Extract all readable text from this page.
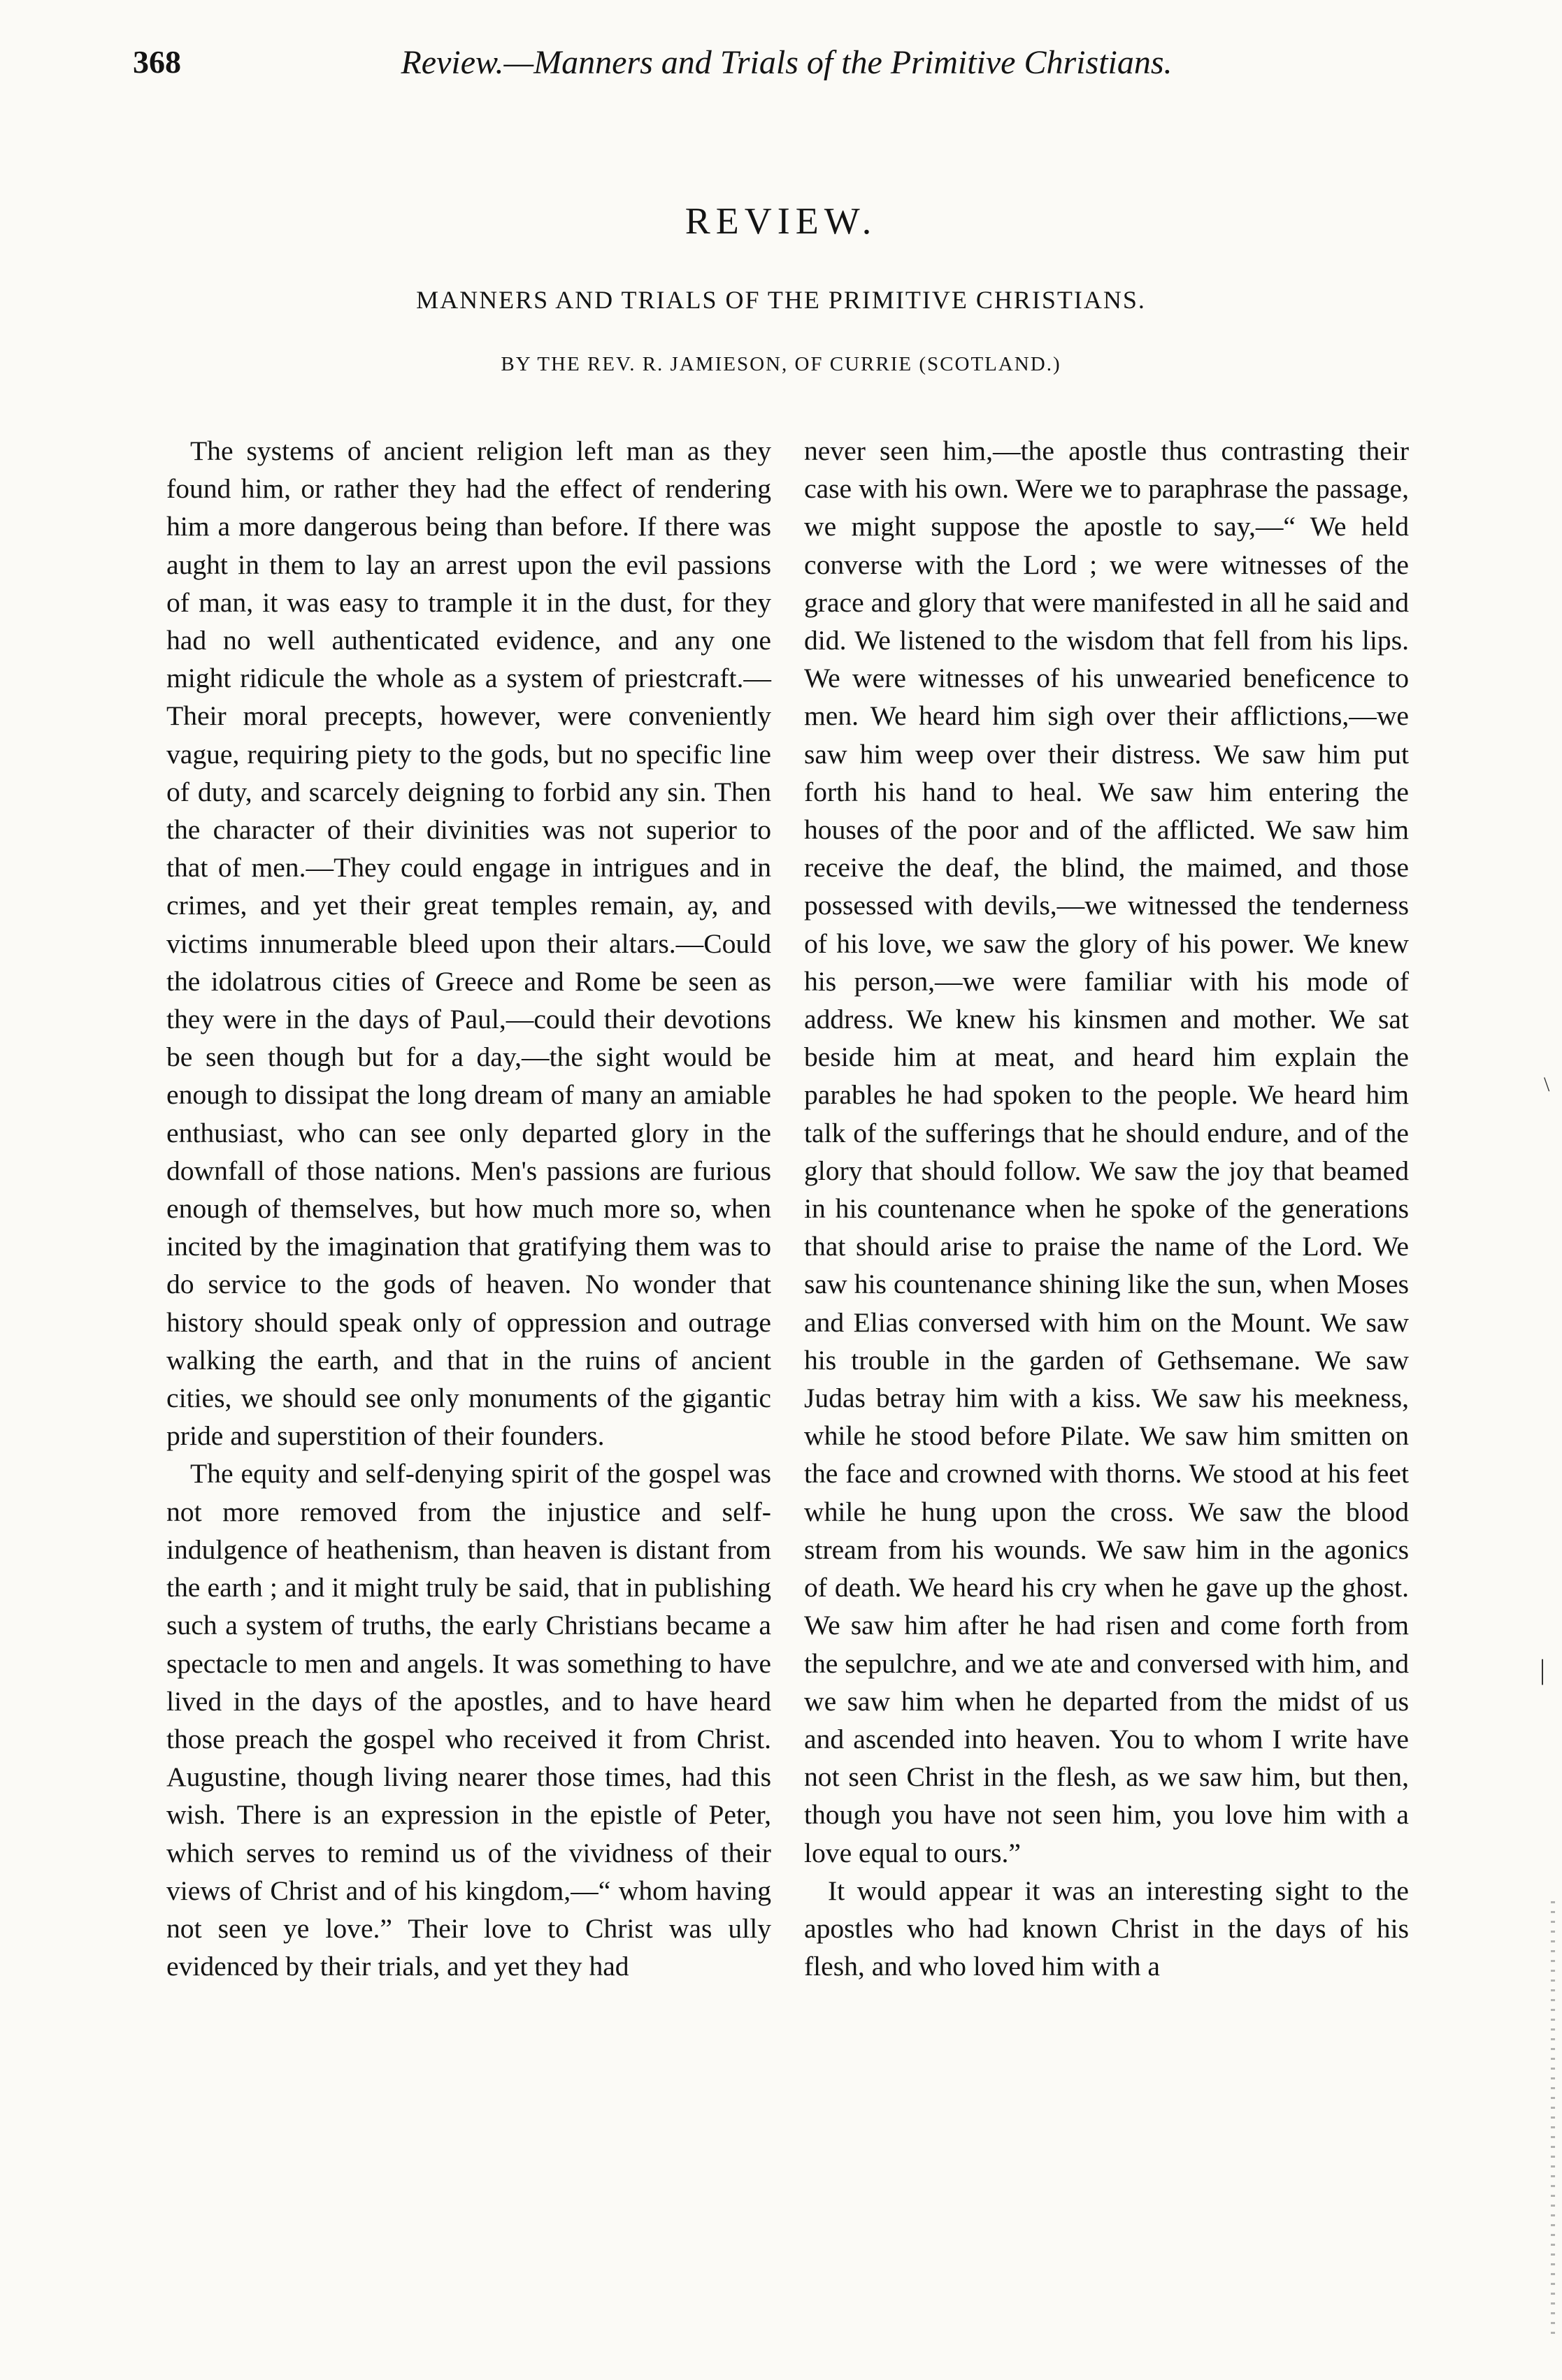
368	Review.—Manners and Trials of the Primitive Christians.
REVIEW.
MANNERS AND TRIALS OF THE PRIMITIVE CHRISTIANS.
BY THE REV. R. JAMIESON, OF CURRIE (SCOTLAND.)

The systems of ancient religion left man as they found him, or rather they had the effect of rendering him a more dangerous being than before. If there was aught in them to lay an arrest upon the evil passions of man, it was easy to trample it in the dust, for they had no well authenticated evidence, and any one might ridicule the whole as a system of priestcraft.—Their moral precepts, however, were conveniently vague, requiring piety to the gods, but no specific line of duty, and scarcely deigning to forbid any sin. Then the character of their divinities was not superior to that of men.—They could engage in intrigues and in crimes, and yet their great temples remain, ay, and victims innumerable bleed upon their altars.—Could the idolatrous cities of Greece and Rome be seen as they were in the days of Paul,—could their devotions be seen though but for a day,—the sight would be enough to dissipat the long dream of many an amiable enthusiast, who can see only departed glory in the downfall of those nations. Men's passions are furious enough of themselves, but how much more so, when incited by the imagination that gratifying them was to do service to the gods of heaven. No wonder that history should speak only of oppression and outrage walking the earth, and that in the ruins of ancient cities, we should see only monuments of the gigantic pride and superstition of their founders.

The equity and self-denying spirit of the gospel was not more removed from the injustice and self-indulgence of heathenism, than heaven is distant from the earth ; and it might truly be said, that in publishing such a system of truths, the early Christians became a spectacle to men and angels. It was something to have lived in the days of the apostles, and to have heard those preach the gospel who received it from Christ. Augustine, though living nearer those times, had this wish. There is an expression in the epistle of Peter, which serves to remind us of the vividness of their views of Christ and of his kingdom,—“ whom having not seen ye love.” Their love to Christ was ully evidenced by their trials, and yet they had

never seen him,—the apostle thus contrasting their case with his own. Were we to paraphrase the passage, we might suppose the apostle to say,—“ We held converse with the Lord ; we were witnesses of the grace and glory that were manifested in all he said and did. We listened to the wisdom that fell from his lips. We were witnesses of his unwearied beneficence to men. We heard him sigh over their afflictions,—we saw him weep over their distress. We saw him put forth his hand to heal. We saw him entering the houses of the poor and of the afflicted. We saw him receive the deaf, the blind, the maimed, and those possessed with devils,—we witnessed the tenderness of his love, we saw the glory of his power. We knew his person,—we were familiar with his mode of address. We knew his kinsmen and mother. We sat beside him at meat, and heard him explain the parables he had spoken to the people. We heard him talk of the sufferings that he should endure, and of the glory that should follow. We saw the joy that beamed in his countenance when he spoke of the generations that should arise to praise the name of the Lord. We saw his countenance shining like the sun, when Moses and Elias conversed with him on the Mount. We saw his trouble in the garden of Gethsemane. We saw Judas betray him with a kiss. We saw his meekness, while he stood before Pilate. We saw him smitten on the face and crowned with thorns. We stood at his feet while he hung upon the cross. We saw the blood stream from his wounds. We saw him in the agonics of death. We heard his cry when he gave up the ghost. We saw him after he had risen and come forth from the sepulchre, and we ate and conversed with him, and we saw him when he departed from the midst of us and ascended into heaven. You to whom I write have not seen Christ in the flesh, as we saw him, but then, though you have not seen him, you love him with a love equal to ours.”

It would appear it was an interesting sight to the apostles who had known Christ in the days of his flesh, and who loved him with a

\
|
